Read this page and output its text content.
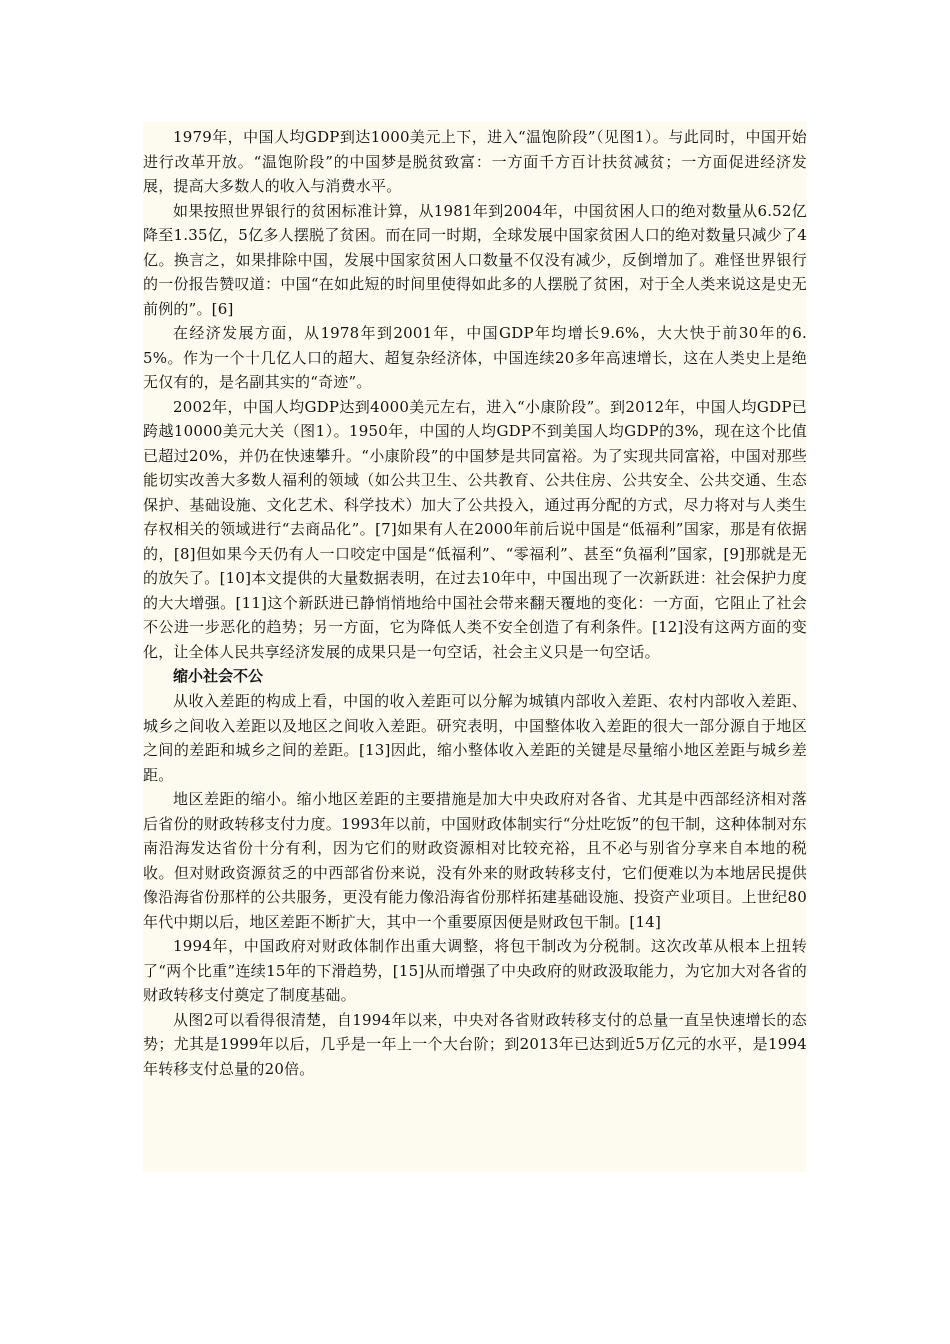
1979年，中国人均GDP到达1000美元上下，进入“温饱阶段”（见图1）。与此同时，中国开始进行改革开放。“温饱阶段”的中国梦是脱贫致富：一方面千方百计扶贫减贫；一方面促进经济发展，提高大多数人的收入与消费水平。

如果按照世界银行的贫困标准计算，从1981年到2004年，中国贫困人口的绝对数量从6.52亿降至1.35亿，5亿多人摆脱了贫困。而在同一时期，全球发展中国家贫困人口的绝对数量只减少了4亿。换言之，如果排除中国，发展中国家贫困人口数量不仅没有减少，反倒增加了。难怪世界银行的一份报告赞叹道：中国“在如此短的时间里使得如此多的人摆脱了贫困，对于全人类来说这是史无前例的”。[6]

在经济发展方面，从1978年到2001年，中国GDP年均增长9.6%，大大快于前30年的6.5%。作为一个十几亿人口的超大、超复杂经济体，中国连续20多年高速增长，这在人类史上是绝无仅有的，是名副其实的“奇迹”。

2002年，中国人均GDP达到4000美元左右，进入“小康阶段”。到2012年，中国人均GDP已跨越10000美元大关（图1）。1950年，中国的人均GDP不到美国人均GDP的3%，现在这个比值已超过20%，并仍在快速攀升。“小康阶段”的中国梦是共同富裕。为了实现共同富裕，中国对那些能切实改善大多数人福利的领域（如公共卫生、公共教育、公共住房、公共安全、公共交通、生态保护、基础设施、文化艺术、科学技术）加大了公共投入，通过再分配的方式，尽力将对与人类生存权相关的领域进行“去商品化”。[7]如果有人在2000年前后说中国是“低福利”国家，那是有依据的，[8]但如果今天仍有人一口咬定中国是“低福利”、“零福利”、甚至“负福利”国家，[9]那就是无的放矢了。[10]本文提供的大量数据表明，在过去10年中，中国出现了一次新跃进：社会保护力度的大大增强。[11]这个新跃进已静悄悄地给中国社会带来翻天覆地的变化：一方面，它阻止了社会不公进一步恶化的趋势；另一方面，它为降低人类不安全创造了有利条件。[12]没有这两方面的变化，让全体人民共享经济发展的成果只是一句空话，社会主义只是一句空话。

缩小社会不公

从收入差距的构成上看，中国的收入差距可以分解为城镇内部收入差距、农村内部收入差距、城乡之间收入差距以及地区之间收入差距。研究表明，中国整体收入差距的很大一部分源自于地区之间的差距和城乡之间的差距。[13]因此，缩小整体收入差距的关键是尽量缩小地区差距与城乡差距。

地区差距的缩小。缩小地区差距的主要措施是加大中央政府对各省、尤其是中西部经济相对落后省份的财政转移支付力度。1993年以前，中国财政体制实行“分灶吃饭”的包干制，这种体制对东南沿海发达省份十分有利，因为它们的财政资源相对比较充裕，且不必与别省分享来自本地的税收。但对财政资源贫乏的中西部省份来说，没有外来的财政转移支付，它们便难以为本地居民提供像沿海省份那样的公共服务，更没有能力像沿海省份那样拓建基础设施、投资产业项目。上世纪80年代中期以后，地区差距不断扩大，其中一个重要原因便是财政包干制。[14]

1994年，中国政府对财政体制作出重大调整，将包干制改为分税制。这次改革从根本上扭转了“两个比重”连续15年的下滑趋势，[15]从而增强了中央政府的财政汲取能力，为它加大对各省的财政转移支付奠定了制度基础。

从图2可以看得很清楚，自1994年以来，中央对各省财政转移支付的总量一直呈快速增长的态势；尤其是1999年以后，几乎是一年上一个大台阶；到2013年已达到近5万亿元的水平，是1994年转移支付总量的20倍。
